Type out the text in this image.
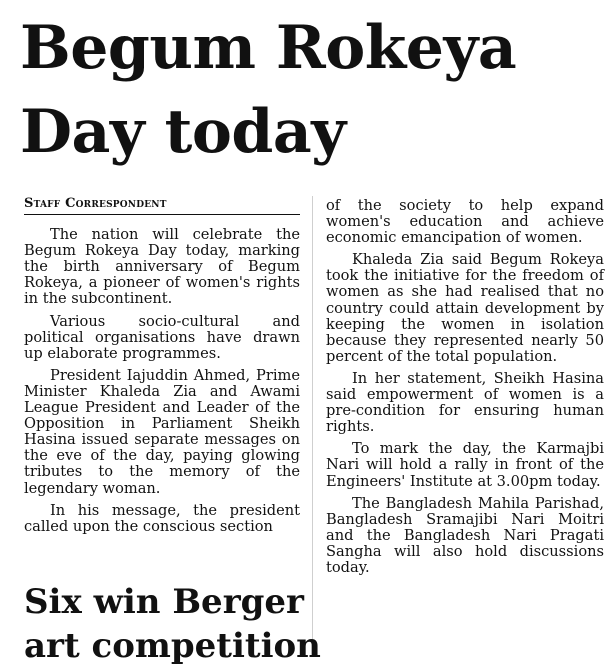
Begum Rokeya
Day today
Staff Correspondent

The nation will celebrate the Begum Rokeya Day today, marking the birth anniversary of Begum Rokeya, a pioneer of women's rights in the subcontinent.

Various socio-cultural and political organisations have drawn up elaborate programmes.

President Iajuddin Ahmed, Prime Minister Khaleda Zia and Awami League President and Leader of the Opposition in Parliament Sheikh Hasina issued separate messages on the eve of the day, paying glowing tributes to the memory of the legendary woman.

In his message, the president called upon the conscious section

of the society to help expand women's education and achieve economic emancipation of women.

Khaleda Zia said Begum Rokeya took the initiative for the freedom of women as she had realised that no country could attain development by keeping the women in isolation because they represented nearly 50 percent of the total population.

In her statement, Sheikh Hasina said empowerment of women is a pre-condition for ensuring human rights.

To mark the day, the Karmajbi Nari will hold a rally in front of the Engineers' Institute at 3.00pm today.

The Bangladesh Mahila Parishad, Bangladesh Sramajibi Nari Moitri and the Bangladesh Nari Pragati Sangha will also hold discussions today.

Six win Berger
art competition
